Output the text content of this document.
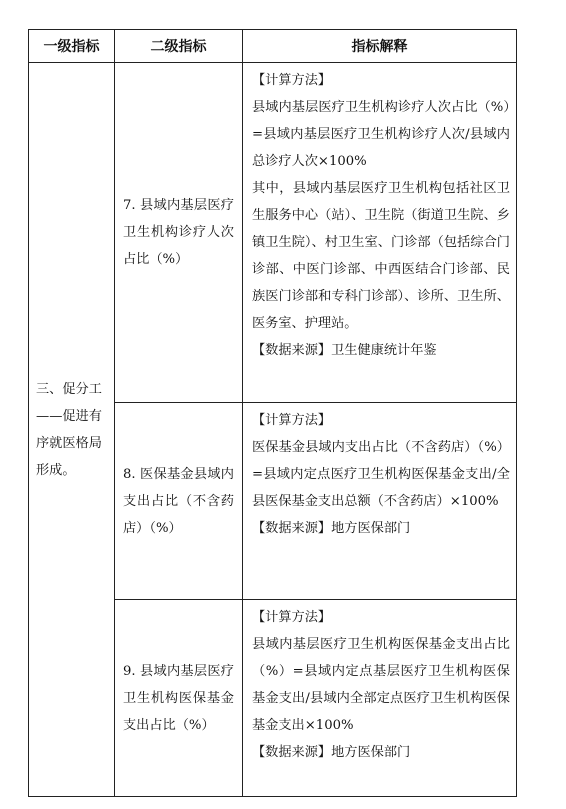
一级指标	二级指标	指标解释
三、促分工——促进有序就医格局形成。	7. 县域内基层医疗卫生机构诊疗人次占比（%）	【计算方法】

县域内基层医疗卫生机构诊疗人次占比（%）=县域内基层医疗卫生机构诊疗人次/县域内总诊疗人次×100%

其中，县域内基层医疗卫生机构包括社区卫生服务中心（站）、卫生院（街道卫生院、乡镇卫生院）、村卫生室、门诊部（包括综合门诊部、中医门诊部、中西医结合门诊部、民族医门诊部和专科门诊部）、诊所、卫生所、医务室、护理站。

【数据来源】卫生健康统计年鉴

	8. 医保基金县域内支出占比（不含药店）（%）	【计算方法】

医保基金县域内支出占比（不含药店）（%）=县域内定点医疗卫生机构医保基金支出/全县医保基金支出总额（不含药店）×100%

【数据来源】地方医保部门

	9. 县域内基层医疗卫生机构医保基金支出占比（%）	【计算方法】

县域内基层医疗卫生机构医保基金支出占比（%）=县域内定点基层医疗卫生机构医保基金支出/县域内全部定点医疗卫生机构医保基金支出×100%

【数据来源】地方医保部门
